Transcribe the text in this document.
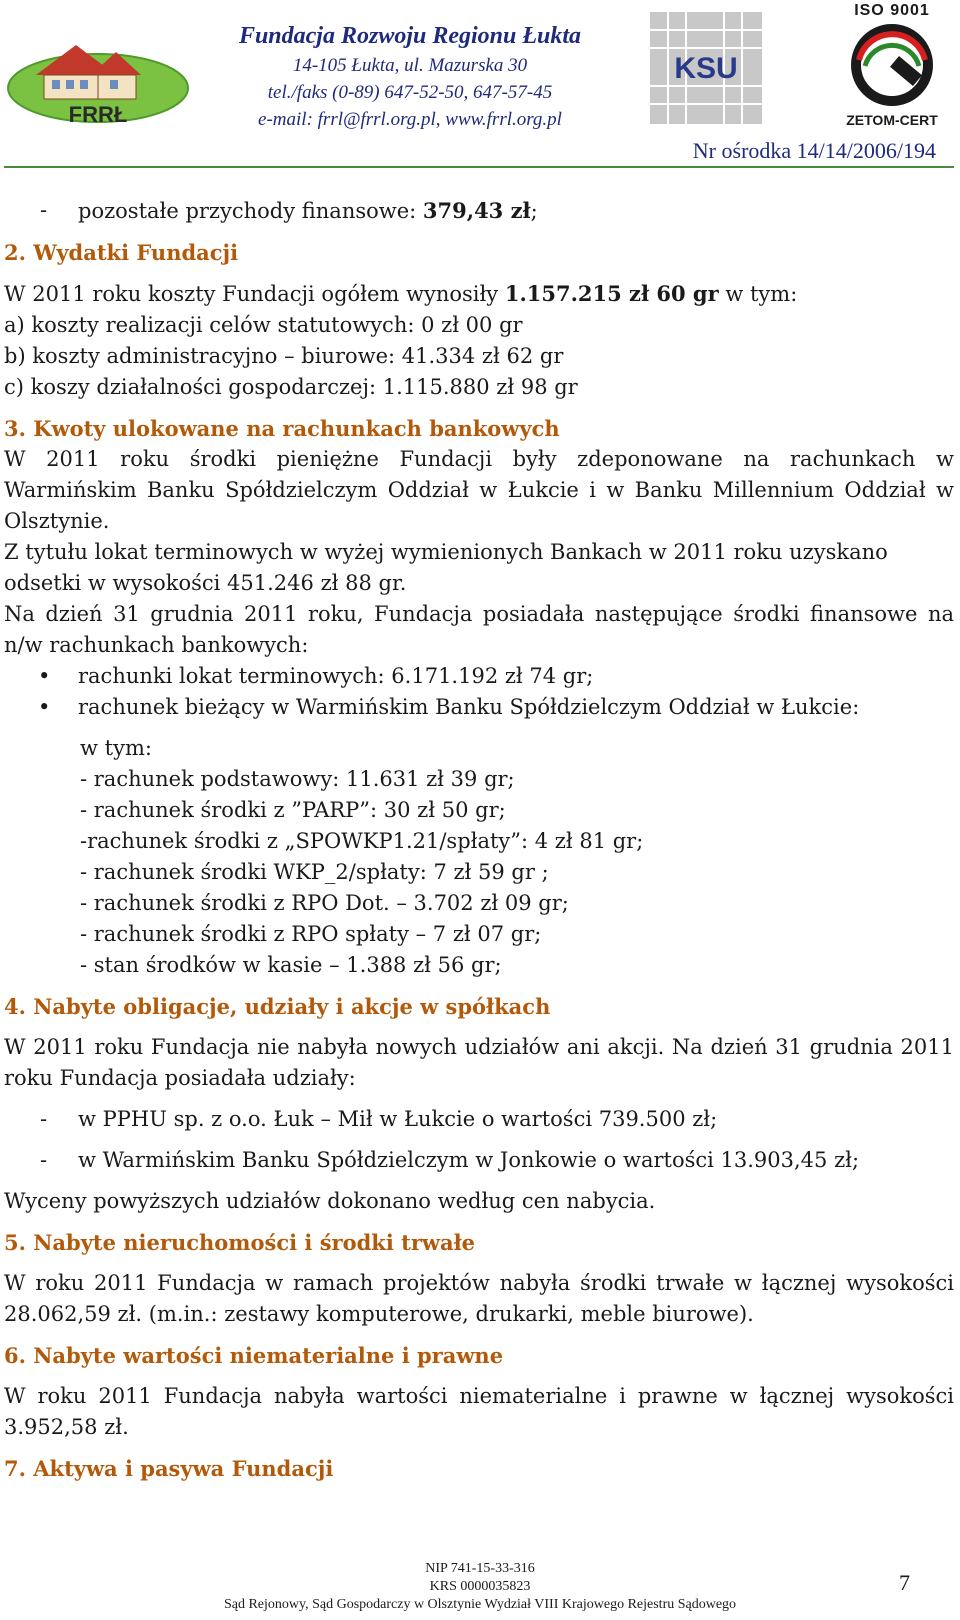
FRRŁ
Fundacja Rozwoju Regionu Łukta
14-105 Łukta, ul. Mazurska 30
tel./faks (0-89) 647-52-50, 647-57-45
e-mail: frrl@frrl.org.pl, www.frrl.org.pl
KSU
ISO 9001
ZETOM-CERT
Nr ośrodka 14/14/2006/194
-	pozostałe przychody finansowe: 379,43 zł;

2. Wydatki Fundacji

W 2011 roku koszty Fundacji ogółem wynosiły 1.157.215 zł 60 gr w tym:

a) koszty realizacji celów statutowych: 0 zł 00 gr

b) koszty administracyjno – biurowe: 41.334 zł 62 gr

c) koszy działalności gospodarczej: 1.115.880 zł 98 gr

3. Kwoty ulokowane na rachunkach bankowych

W 2011 roku środki pieniężne Fundacji były zdeponowane na rachunkach w Warmińskim Banku Spółdzielczym Oddział w Łukcie i w Banku Millennium Oddział w Olsztynie.

Z tytułu lokat terminowych w wyżej wymienionych Bankach w 2011 roku uzyskano odsetki w wysokości 451.246 zł 88 gr.

Na dzień 31 grudnia 2011 roku, Fundacja posiadała następujące środki finansowe na n/w rachunkach bankowych:

•	rachunki lokat terminowych: 6.171.192 zł 74 gr;
•	rachunek bieżący w Warmińskim Banku Spółdzielczym Oddział w Łukcie:

w tym:

- rachunek podstawowy: 11.631 zł 39 gr;

- rachunek środki z ”PARP”: 30 zł 50 gr;

-rachunek środki z „SPOWKP1.21/spłaty”: 4 zł 81 gr;

- rachunek środki WKP_2/spłaty: 7 zł 59 gr ;

- rachunek środki z RPO Dot. – 3.702 zł 09 gr;

- rachunek środki z RPO spłaty – 7 zł 07 gr;

- stan środków w kasie – 1.388 zł 56 gr;

4. Nabyte obligacje, udziały i akcje w spółkach

W 2011 roku Fundacja nie nabyła nowych udziałów ani akcji. Na dzień 31 grudnia 2011 roku Fundacja posiadała udziały:

-	w PPHU sp. z o.o. Łuk – Mił w Łukcie o wartości 739.500 zł;
-	w Warmińskim Banku Spółdzielczym w Jonkowie o wartości 13.903,45 zł;

Wyceny powyższych udziałów dokonano według cen nabycia.

5. Nabyte nieruchomości i środki trwałe

W roku 2011 Fundacja w ramach projektów nabyła środki trwałe w łącznej wysokości 28.062,59 zł. (m.in.: zestawy komputerowe, drukarki, meble biurowe).

6. Nabyte wartości niematerialne i prawne

W roku 2011 Fundacja nabyła wartości niematerialne i prawne w łącznej wysokości 3.952,58 zł.

7. Aktywa i pasywa Fundacji

NIP 741-15-33-316
KRS 0000035823
Sąd Rejonowy, Sąd Gospodarczy w Olsztynie Wydział VIII Krajowego Rejestru Sądowego
7
